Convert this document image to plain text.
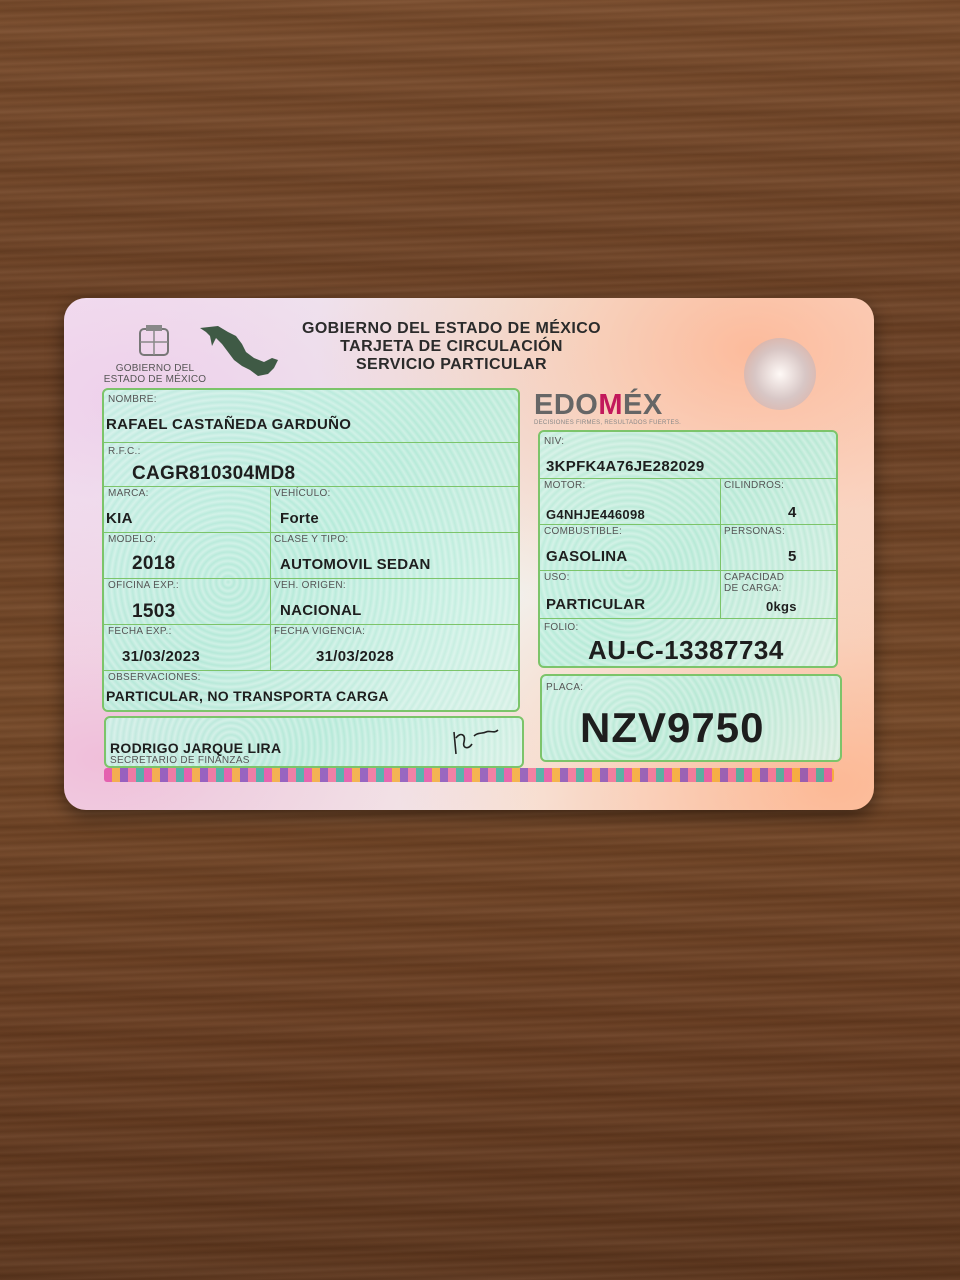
GOBIERNO DEL
ESTADO DE MÉXICO
GOBIERNO DEL ESTADO DE MÉXICO
TARJETA DE CIRCULACIÓN
SERVICIO PARTICULAR
EDOMÉX
DECISIONES FIRMES, RESULTADOS FUERTES.
NOMBRE:
RAFAEL CASTAÑEDA GARDUÑO
R.F.C.:
CAGR810304MD8
MARCA:
KIA
VEHÍCULO:
Forte
MODELO:
2018
CLASE Y TIPO:
AUTOMOVIL SEDAN
OFICINA EXP.:
1503
VEH. ORIGEN:
NACIONAL
FECHA EXP.:
31/03/2023
FECHA VIGENCIA:
31/03/2028
OBSERVACIONES:
PARTICULAR, NO TRANSPORTA CARGA
RODRIGO JARQUE LIRA
SECRETARIO DE FINANZAS
NIV:
3KPFK4A76JE282029
MOTOR:
G4NHJE446098
CILINDROS:
4
COMBUSTIBLE:
GASOLINA
PERSONAS:
5
USO:
PARTICULAR
CAPACIDAD
DE CARGA:
0kgs
FOLIO:
AU-C-13387734
PLACA:
NZV9750
